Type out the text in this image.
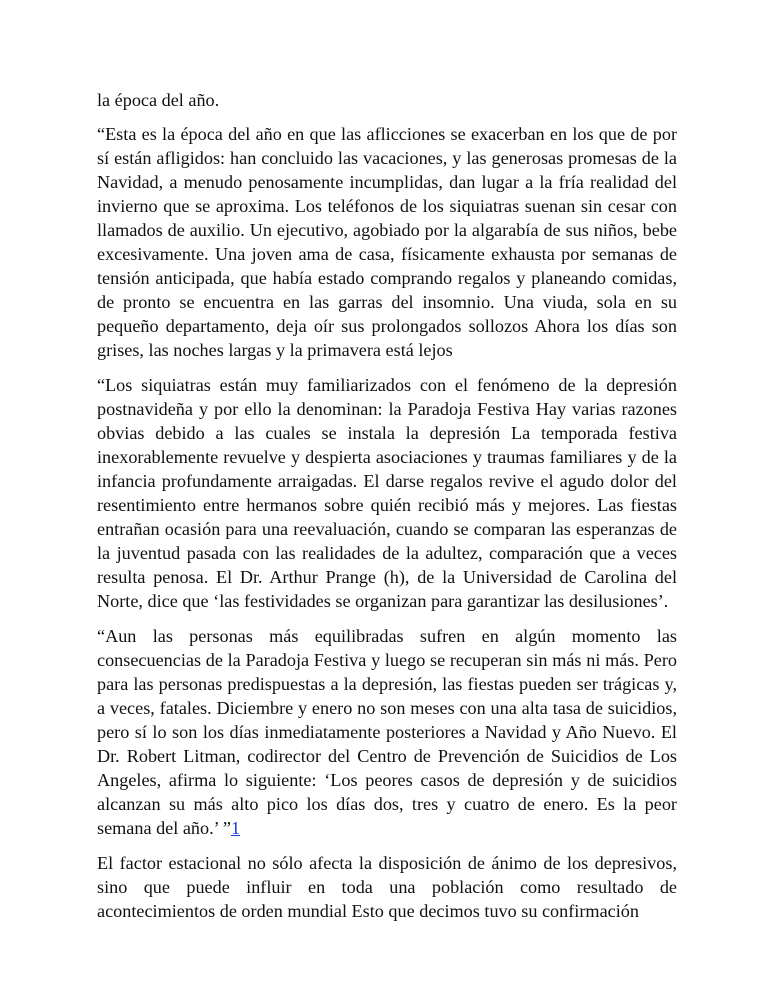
la época del año.

“Esta es la época del año en que las aflicciones se exacerban en los que de por sí están afligidos: han concluido las vacaciones, y las generosas promesas de la Navidad, a menudo penosamente incumplidas, dan lugar a la fría realidad del invierno que se aproxima. Los teléfonos de los siquiatras suenan sin cesar con llamados de auxilio. Un ejecutivo, agobiado por la algarabía de sus niños, bebe excesivamente. Una joven ama de casa, físicamente exhausta por semanas de tensión anticipada, que había estado comprando regalos y planeando comidas, de pronto se encuentra en las garras del insomnio. Una viuda, sola en su pequeño departamento, deja oír sus prolongados sollozos Ahora los días son grises, las noches largas y la primavera está lejos

“Los siquiatras están muy familiarizados con el fenómeno de la depresión postnavideña y por ello la denominan: la Paradoja Festiva Hay varias razones obvias debido a las cuales se instala la depresión La temporada festiva inexorablemente revuelve y despierta asociaciones y traumas familiares y de la infancia profundamente arraigadas. El darse regalos revive el agudo dolor del resentimiento entre hermanos sobre quién recibió más y mejores. Las fiestas entrañan ocasión para una reevaluación, cuando se comparan las esperanzas de la juventud pasada con las realidades de la adultez, comparación que a veces resulta penosa. El Dr. Arthur Prange (h), de la Universidad de Carolina del Norte, dice que ‘las festividades se organizan para garantizar las desilusiones’.

“Aun las personas más equilibradas sufren en algún momento las consecuencias de la Paradoja Festiva y luego se recuperan sin más ni más. Pero para las personas predispuestas a la depresión, las fiestas pueden ser trágicas y, a veces, fatales. Diciembre y enero no son meses con una alta tasa de suicidios, pero sí lo son los días inmediatamente posteriores a Navidad y Año Nuevo. El Dr. Robert Litman, codirector del Centro de Prevención de Suicidios de Los Angeles, afirma lo siguiente: ‘Los peores casos de depresión y de suicidios alcanzan su más alto pico los días dos, tres y cuatro de enero. Es la peor semana del año.’ ”1

El factor estacional no sólo afecta la disposición de ánimo de los depresivos, sino que puede influir en toda una población como resultado de acontecimientos de orden mundial Esto que decimos tuvo su confirmación
